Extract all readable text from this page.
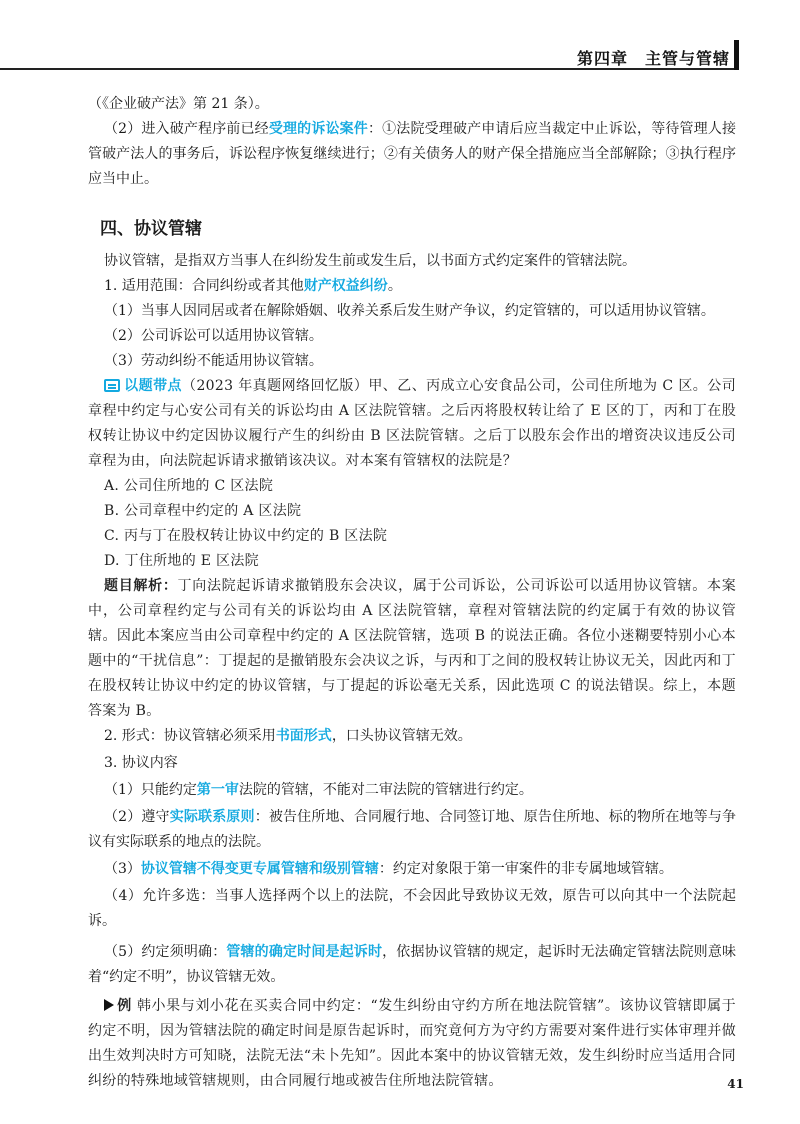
第四章　主管与管辖

（《企业破产法》第 21 条）。

（2）进入破产程序前已经受理的诉讼案件：①法院受理破产申请后应当裁定中止诉讼，等待管理人接管破产法人的事务后，诉讼程序恢复继续进行；②有关债务人的财产保全措施应当全部解除；③执行程序应当中止。

四、协议管辖

协议管辖，是指双方当事人在纠纷发生前或发生后，以书面方式约定案件的管辖法院。

1. 适用范围：合同纠纷或者其他财产权益纠纷。

（1）当事人因同居或者在解除婚姻、收养关系后发生财产争议，约定管辖的，可以适用协议管辖。

（2）公司诉讼可以适用协议管辖。

（3）劳动纠纷不能适用协议管辖。

以题带点（2023 年真题网络回忆版）甲、乙、丙成立心安食品公司，公司住所地为 C 区。公司章程中约定与心安公司有关的诉讼均由 A 区法院管辖。之后丙将股权转让给了 E 区的丁，丙和丁在股权转让协议中约定因协议履行产生的纠纷由 B 区法院管辖。之后丁以股东会作出的增资决议违反公司章程为由，向法院起诉请求撤销该决议。对本案有管辖权的法院是？

A. 公司住所地的 C 区法院

B. 公司章程中约定的 A 区法院

C. 丙与丁在股权转让协议中约定的 B 区法院

D. 丁住所地的 E 区法院

题目解析：丁向法院起诉请求撤销股东会决议，属于公司诉讼，公司诉讼可以适用协议管辖。本案中，公司章程约定与公司有关的诉讼均由 A 区法院管辖，章程对管辖法院的约定属于有效的协议管辖。因此本案应当由公司章程中约定的 A 区法院管辖，选项 B 的说法正确。各位小迷糊要特别小心本题中的“干扰信息”：丁提起的是撤销股东会决议之诉，与丙和丁之间的股权转让协议无关，因此丙和丁在股权转让协议中约定的协议管辖，与丁提起的诉讼毫无关系，因此选项 C 的说法错误。综上，本题答案为 B。

2. 形式：协议管辖必须采用书面形式，口头协议管辖无效。

3. 协议内容

（1）只能约定第一审法院的管辖，不能对二审法院的管辖进行约定。

（2）遵守实际联系原则：被告住所地、合同履行地、合同签订地、原告住所地、标的物所在地等与争议有实际联系的地点的法院。

（3）协议管辖不得变更专属管辖和级别管辖：约定对象限于第一审案件的非专属地域管辖。

（4）允许多选：当事人选择两个以上的法院，不会因此导致协议无效，原告可以向其中一个法院起诉。

（5）约定须明确：管辖的确定时间是起诉时，依据协议管辖的规定，起诉时无法确定管辖法院则意味着“约定不明”，协议管辖无效。

例 韩小果与刘小花在买卖合同中约定：“发生纠纷由守约方所在地法院管辖”。该协议管辖即属于约定不明，因为管辖法院的确定时间是原告起诉时，而究竟何方为守约方需要对案件进行实体审理并做出生效判决时方可知晓，法院无法“未卜先知”。因此本案中的协议管辖无效，发生纠纷时应当适用合同纠纷的特殊地域管辖规则，由合同履行地或被告住所地法院管辖。	41
